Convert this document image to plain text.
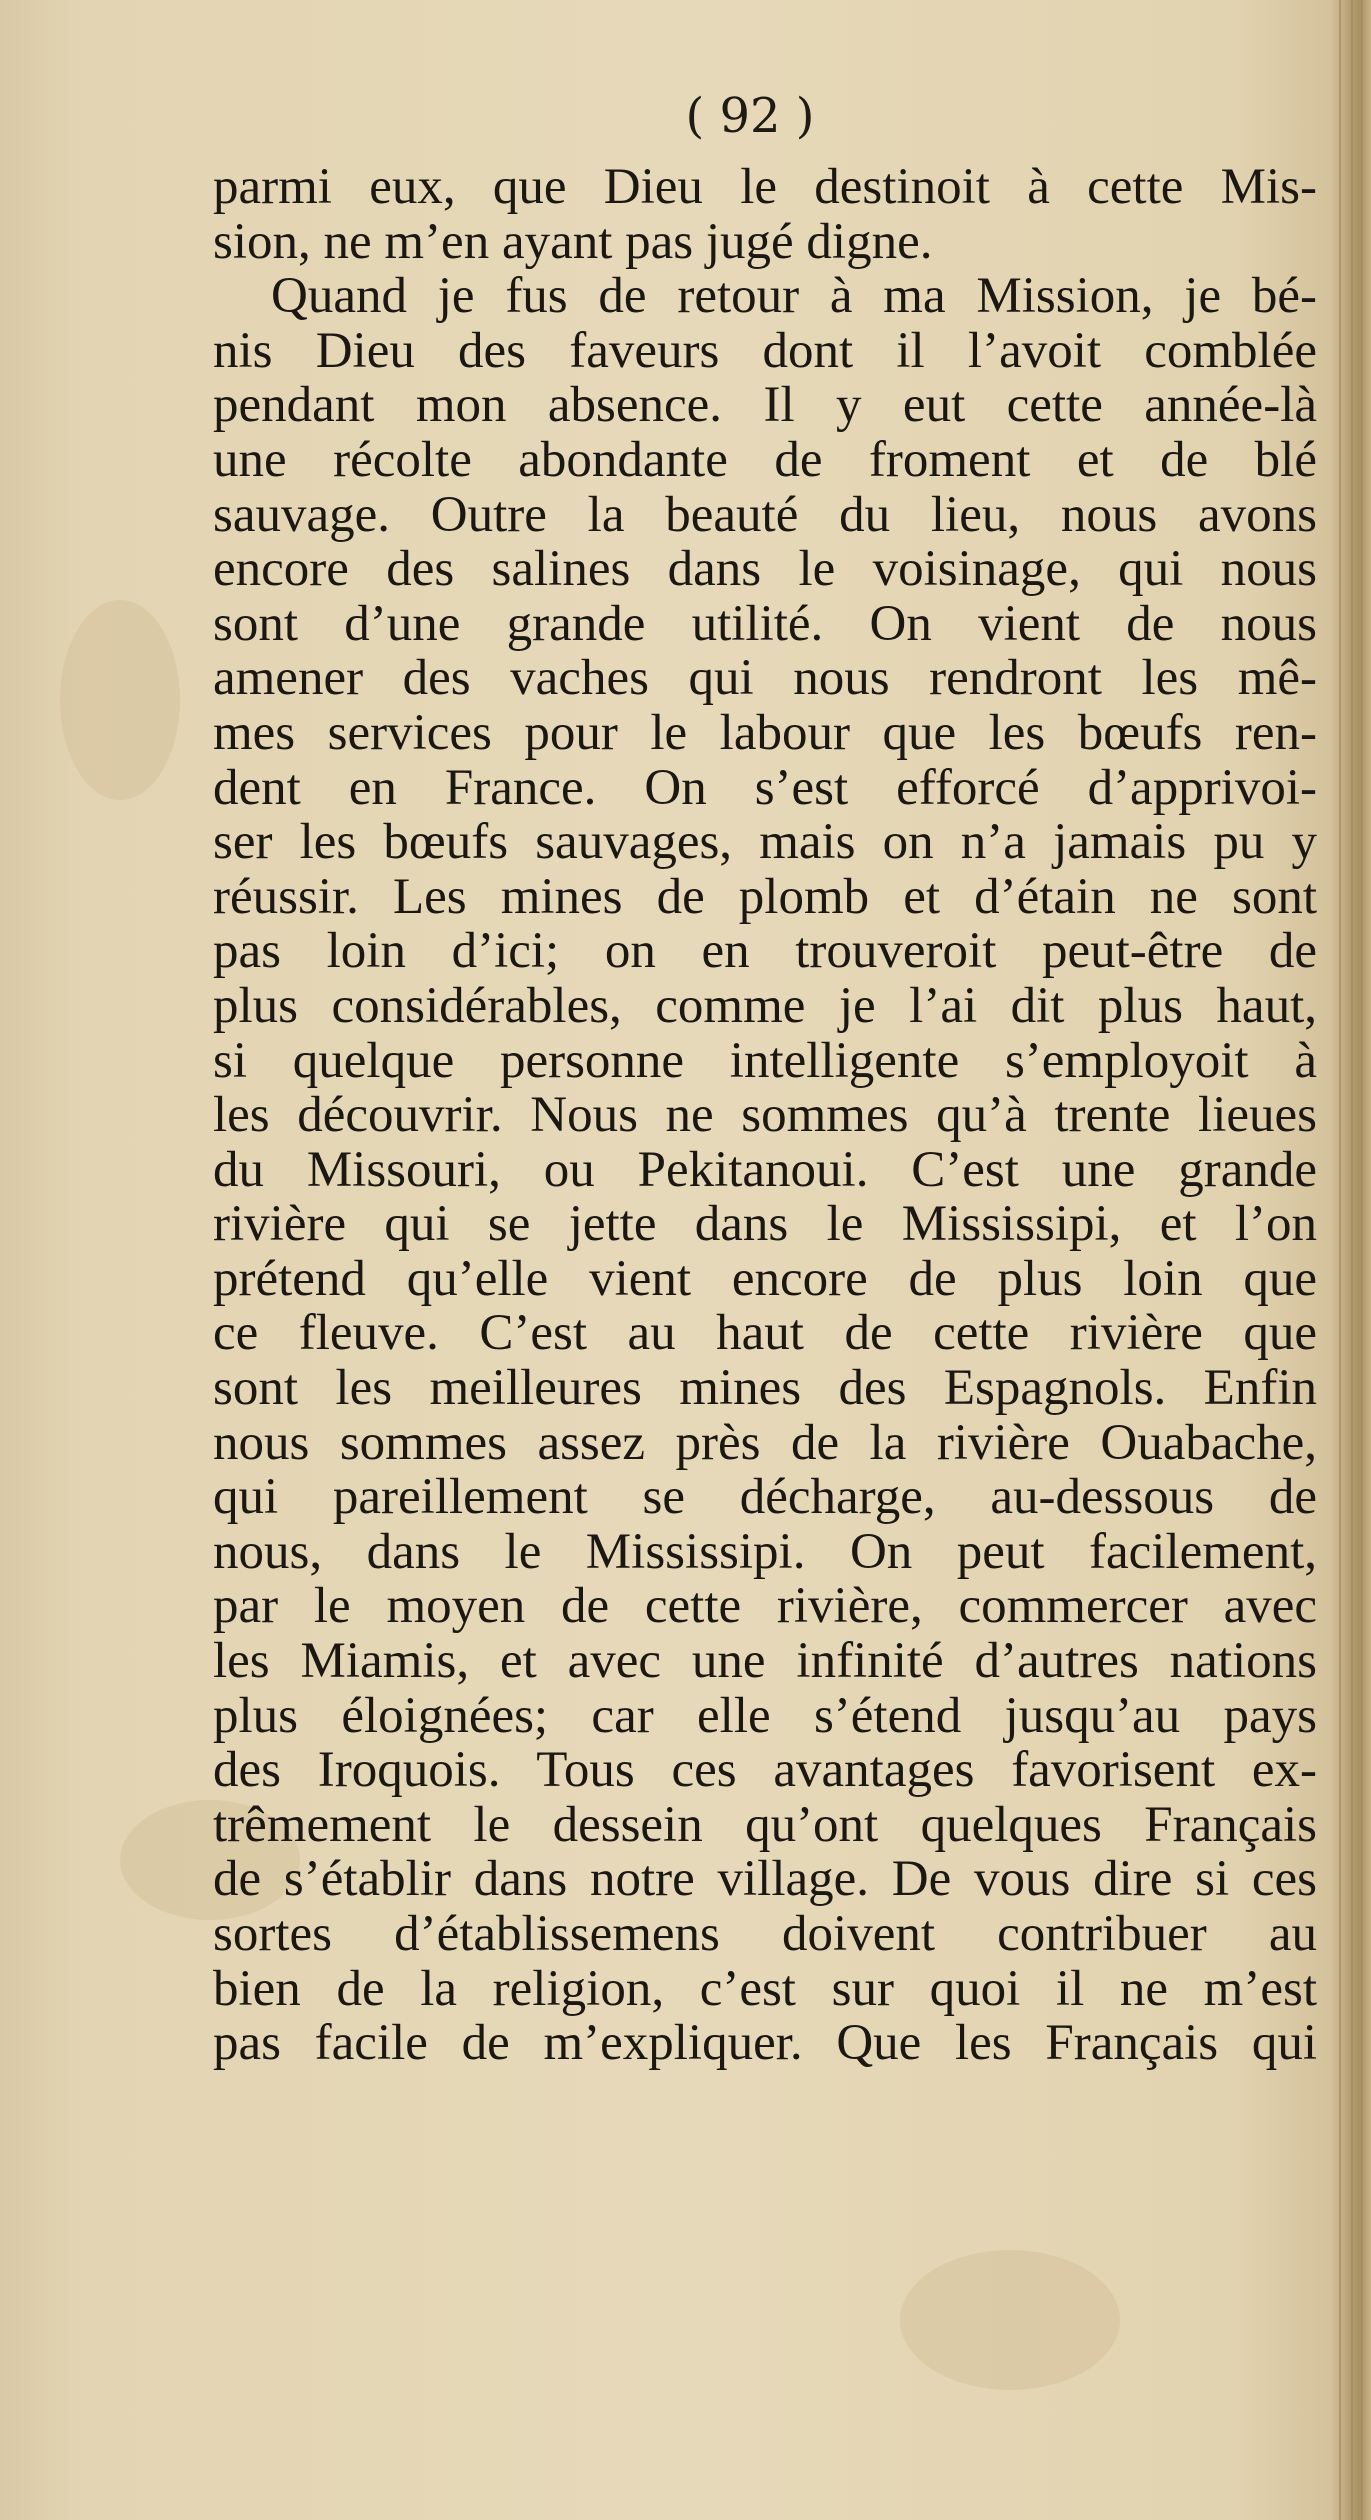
( 92 )
parmi eux, que Dieu le destinoit à cette Mis-
sion, ne m’en ayant pas jugé digne.
Quand je fus de retour à ma Mission, je bé-
nis Dieu des faveurs dont il l’avoit comblée
pendant mon absence. Il y eut cette année-là
une récolte abondante de froment et de blé
sauvage. Outre la beauté du lieu, nous avons
encore des salines dans le voisinage, qui nous
sont d’une grande utilité. On vient de nous
amener des vaches qui nous rendront les mê-
mes services pour le labour que les bœufs ren-
dent en France. On s’est efforcé d’apprivoi-
ser les bœufs sauvages, mais on n’a jamais pu y
réussir. Les mines de plomb et d’étain ne sont
pas loin d’ici; on en trouveroit peut-être de
plus considérables, comme je l’ai dit plus haut,
si quelque personne intelligente s’employoit à
les découvrir. Nous ne sommes qu’à trente lieues
du Missouri, ou Pekitanoui. C’est une grande
rivière qui se jette dans le Mississipi, et l’on
prétend qu’elle vient encore de plus loin que
ce fleuve. C’est au haut de cette rivière que
sont les meilleures mines des Espagnols. Enfin
nous sommes assez près de la rivière Ouabache,
qui pareillement se décharge, au-dessous de
nous, dans le Mississipi. On peut facilement,
par le moyen de cette rivière, commercer avec
les Miamis, et avec une infinité d’autres nations
plus éloignées; car elle s’étend jusqu’au pays
des Iroquois. Tous ces avantages favorisent ex-
trêmement le dessein qu’ont quelques Français
de s’établir dans notre village. De vous dire si ces
sortes d’établissemens doivent contribuer au
bien de la religion, c’est sur quoi il ne m’est
pas facile de m’expliquer. Que les Français qui
